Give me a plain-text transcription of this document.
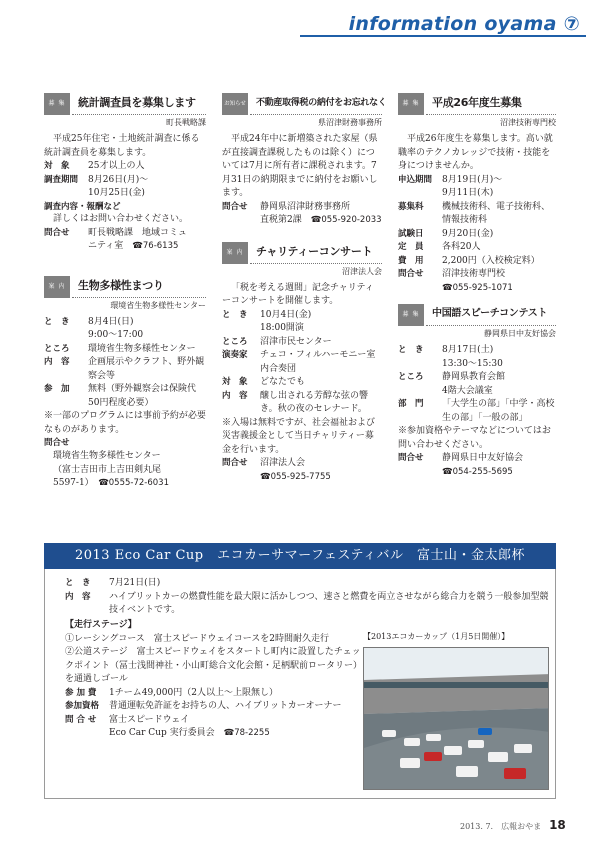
information oyama ⑦
募 集	統計調査員を募集します
町長戦略課

平成25年住宅・土地統計調査に係る統計調査員を募集します。

対　象	25才以上の人
調査期間	8月26日(月)～
10月25日(金)
調査内容・報酬など

詳しくはお問い合わせください。

問合せ	町長戦略課　地域コミュ
ニティ室　 ☎76-6135
案 内	生物多様性まつり
環境省生物多様性センター
と　き	8月4日(日)
9:00～17:00
ところ	環境省生物多様性センター
内　容	企画展示やクラフト、野外観察会等
参　加	無料（野外観察会は保険代50円程度必要）

※一部のプログラムには事前予約が必要なものがあります。

問合せ

環境省生物多様性センター

（富士吉田市上吉田剣丸尾

5597-1）　 ☎0555-72-6031

お知らせ 不動産取得税の納付をお忘れなく
県沼津財務事務所

平成24年中に新増築された家屋（県が直接調査課税したものは除く）については7月に所有者に課税されます。7月31日の納期限までに納付をお願いします。

問合せ	静岡県沼津財務事務所
直税第2課　 ☎055-920-2033
案 内	チャリティーコンサート
沼津法人会

「税を考える週間」記念チャリティーコンサートを開催します。

と　き	10月4日(金)
18:00開演
ところ	沼津市民センター
演奏家	チェコ・フィルハーモニー室内合奏団
対　象	どなたでも
内　容	醸し出される芳醇な弦の響き。秋の夜のセレナード。

※入場は無料ですが、社会福祉および災害義援金として当日チャリティー募金を行います。

問合せ	沼津法人会
☎055-925-7755
募 集	平成26年度生募集
沼津技術専門校

平成26年度生を募集します。高い就職率のテクノカレッジで技術・技能を身につけませんか。

申込期間	8月19日(月)～
9月11日(木)
募集科	機械技術科、電子技術科、情報技術科
試験日	9月20日(金)
定　員	各科20人
費　用	2,200円（入校検定料）
問合せ	沼津技術専門校
☎055-925-1071
募 集	中国語スピーチコンテスト
静岡県日中友好協会
と　き	8月17日(土)
13:30～15:30
ところ	静岡県教育会館
4階大会議室
部　門	「大学生の部」「中学・高校生の部」「一般の部」

※参加資格やテーマなどについてはお問い合わせください。

問合せ	静岡県日中友好協会
☎054-255-5695
2013 Eco Car Cup　エコカーサマーフェスティバル　富士山・金太郎杯
と　き	7月21日(日)
内　容	ハイブリットカーの燃費性能を最大限に活かしつつ、速さと燃費を両立させながら総合力を競う一般参加型競技イベントです。

【走行ステージ】

①レーシングコース　富士スピードウェイコースを2時間耐久走行

②公道ステージ　富士スピードウェイをスタートし町内に設置したチェックポイント（冨士浅間神社・小山町総合文化会館・足柄駅前ロータリー）を通過しゴール

参 加 費	1チーム49,000円（2人以上～上限無し）
参加資格	普通運転免許証をお持ちの人、ハイブリットカーオーナー
問 合 せ	富士スピードウェイ
Eco Car Cup 実行委員会　 ☎78-2255
【2013エコカーカップ（1月5日開催）】
2013. 7.　広報おやま 18
